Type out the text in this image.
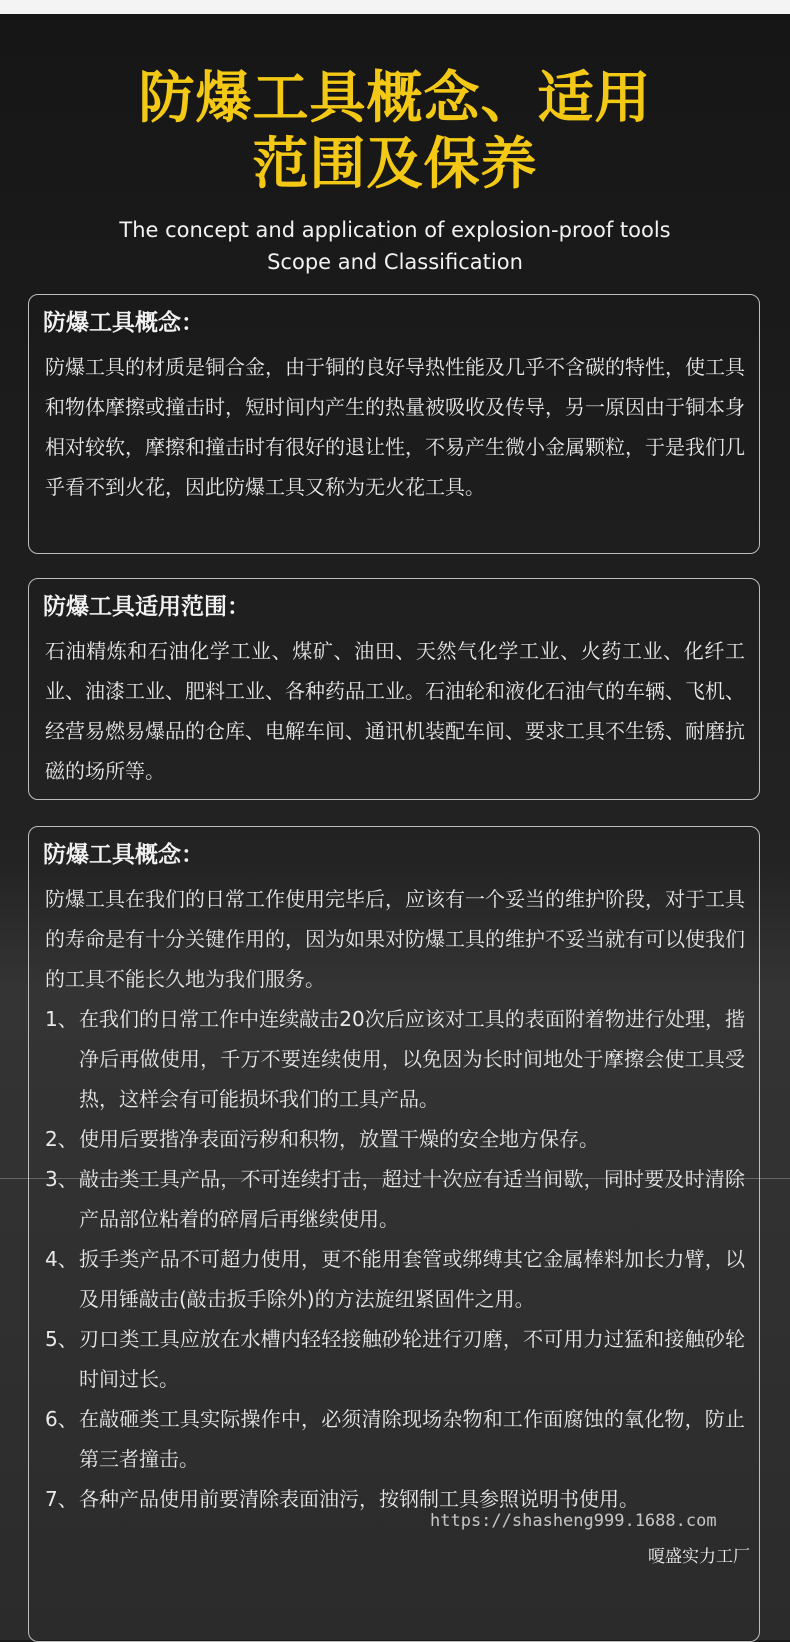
防爆工具概念、适用
范围及保养
The concept and application of explosion-proof tools
Scope and Classification
防爆工具概念：
防爆工具的材质是铜合金，由于铜的良好导热性能及几乎不含碳的特性，使工具和物体摩擦或撞击时，短时间内产生的热量被吸收及传导，另一原因由于铜本身相对较软，摩擦和撞击时有很好的退让性，不易产生微小金属颗粒，于是我们几乎看不到火花，因此防爆工具又称为无火花工具。
防爆工具适用范围：
石油精炼和石油化学工业、煤矿、油田、天然气化学工业、火药工业、化纤工业、油漆工业、肥料工业、各种药品工业。石油轮和液化石油气的车辆、飞机、经营易燃易爆品的仓库、电解车间、通讯机装配车间、要求工具不生锈、耐磨抗磁的场所等。
防爆工具概念：
防爆工具在我们的日常工作使用完毕后，应该有一个妥当的维护阶段，对于工具的寿命是有十分关键作用的，因为如果对防爆工具的维护不妥当就有可以使我们的工具不能长久地为我们服务。
1、 在我们的日常工作中连续敲击20次后应该对工具的表面附着物进行处理，揩净后再做使用，千万不要连续使用，以免因为长时间地处于摩擦会使工具受热，这样会有可能损坏我们的工具产品。
2、 使用后要揩净表面污秽和积物，放置干燥的安全地方保存。
3、 敲击类工具产品，不可连续打击，超过十次应有适当间歇，同时要及时清除产品部位粘着的碎屑后再继续使用。
4、 扳手类产品不可超力使用，更不能用套管或绑缚其它金属棒料加长力臂，以及用锤敲击(敲击扳手除外)的方法旋纽紧固件之用。
5、 刃口类工具应放在水槽内轻轻接触砂轮进行刃磨，不可用力过猛和接触砂轮时间过长。
6、 在敲砸类工具实际操作中，必须清除现场杂物和工作面腐蚀的氧化物，防止第三者撞击。
7、 各种产品使用前要清除表面油污，按钢制工具参照说明书使用。
https://shasheng999.1688.com
嗄盛实力工厂
